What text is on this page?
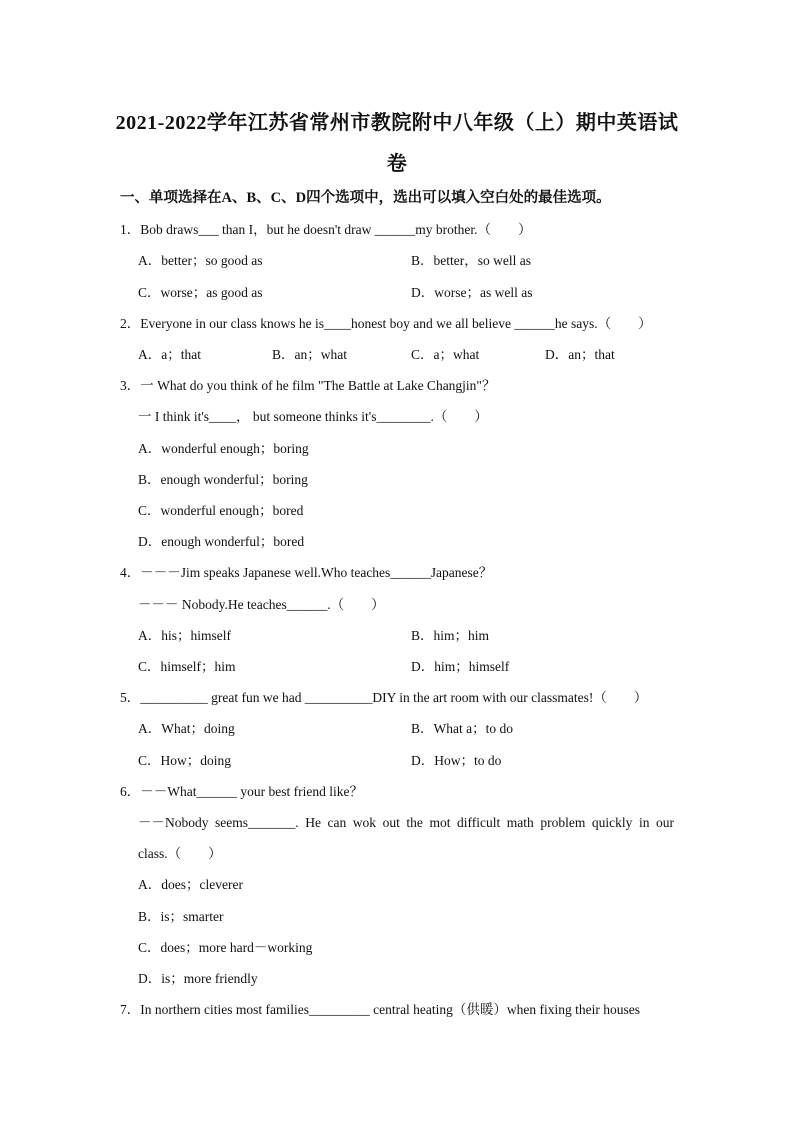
2021-2022学年江苏省常州市教院附中八年级（上）期中英语试
卷
一、单项选择在A、B、C、D四个选项中，选出可以填入空白处的最佳选项。
1．Bob draws___ than I，but he doesn't draw ______my brother.（　　）
A．better；so good as	B．better，so well as
C．worse；as good as	D．worse；as well as
2．Everyone in our class knows he is____honest boy and we all believe ______he says.（　　）
A．a；that	B．an；what	C．a；what	D．an；that
3．一 What do you think of he film "The Battle at Lake Changjin"？
一 I think it's____， but someone thinks it's________.（　　）
A．wonderful enough；boring
B．enough wonderful；boring
C．wonderful enough；bored
D．enough wonderful；bored
4．－－－Jim speaks Japanese well.Who teaches______Japanese？
－－－ Nobody.He teaches______.（　　）
A．his；himself	B．him；him
C．himself；him	D．him；himself
5．__________ great fun we had __________DIY in the art room with our classmates!（　　）
A．What；doing	B．What a；to do
C．How；doing	D．How；to do
6．－－What______ your best friend like？
－－Nobody seems_______. He can wok out the mot difficult math problem quickly in our
class.（　　）
A．does；cleverer
B．is；smarter
C．does；more hard－working
D．is；more friendly
7．In northern cities most families_________ central heating（供暖）when fixing their houses
